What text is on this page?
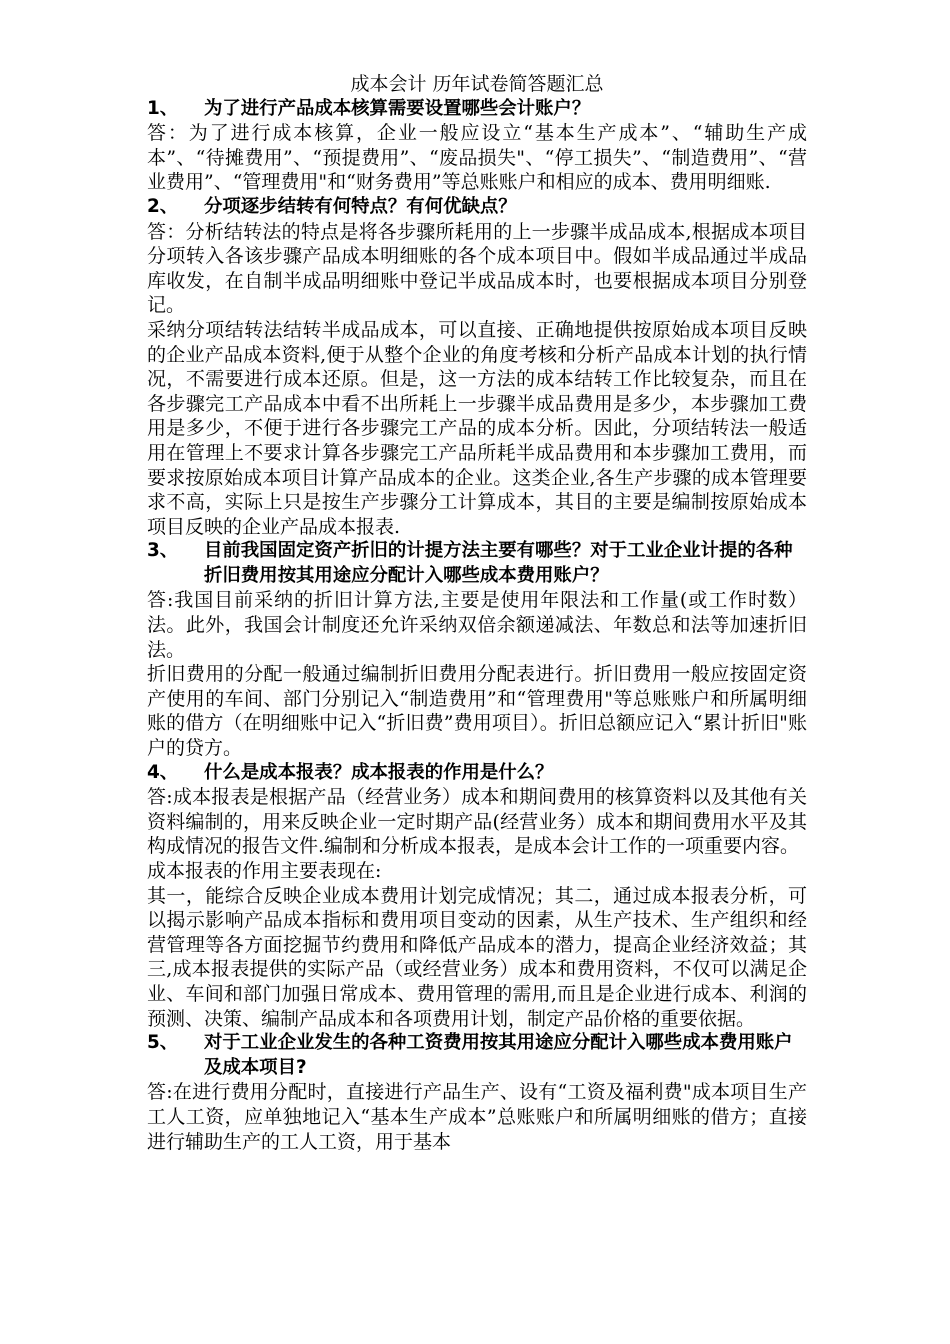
成本会计 历年试卷简答题汇总
1、	为了进行产品成本核算需要设置哪些会计账户？

答：为了进行成本核算，企业一般应设立“基本生产成本”、“辅助生产成本”、“待摊费用”、“预提费用”、“废品损失"、“停工损失”、“制造费用”、“营业费用”、“管理费用"和“财务费用”等总账账户和相应的成本、费用明细账.

2、	分项逐步结转有何特点？有何优缺点？

答：分析结转法的特点是将各步骤所耗用的上一步骤半成品成本,根据成本项目分项转入各该步骤产品成本明细账的各个成本项目中。假如半成品通过半成品库收发，在自制半成品明细账中登记半成品成本时，也要根据成本项目分别登记。

采纳分项结转法结转半成品成本，可以直接、正确地提供按原始成本项目反映的企业产品成本资料,便于从整个企业的角度考核和分析产品成本计划的执行情况，不需要进行成本还原。但是，这一方法的成本结转工作比较复杂，而且在各步骤完工产品成本中看不出所耗上一步骤半成品费用是多少，本步骤加工费用是多少，不便于进行各步骤完工产品的成本分析。因此，分项结转法一般适用在管理上不要求计算各步骤完工产品所耗半成品费用和本步骤加工费用，而要求按原始成本项目计算产品成本的企业。这类企业,各生产步骤的成本管理要求不高，实际上只是按生产步骤分工计算成本，其目的主要是编制按原始成本项目反映的企业产品成本报表.

3、	目前我国固定资产折旧的计提方法主要有哪些？对于工业企业计提的各种折旧费用按其用途应分配计入哪些成本费用账户？

答:我国目前采纳的折旧计算方法,主要是使用年限法和工作量(或工作时数）法。此外，我国会计制度还允许采纳双倍余额递减法、年数总和法等加速折旧法。

折旧费用的分配一般通过编制折旧费用分配表进行。折旧费用一般应按固定资产使用的车间、部门分别记入“制造费用”和“管理费用"等总账账户和所属明细账的借方（在明细账中记入“折旧费”费用项目）。折旧总额应记入“累计折旧"账户的贷方。

4、	什么是成本报表？成本报表的作用是什么？

答:成本报表是根据产品（经营业务）成本和期间费用的核算资料以及其他有关资料编制的，用来反映企业一定时期产品(经营业务）成本和期间费用水平及其构成情况的报告文件.编制和分析成本报表，是成本会计工作的一项重要内容。

成本报表的作用主要表现在:

其一，能综合反映企业成本费用计划完成情况；其二，通过成本报表分析，可以揭示影响产品成本指标和费用项目变动的因素，从生产技术、生产组织和经营管理等各方面挖掘节约费用和降低产品成本的潜力，提高企业经济效益；其三,成本报表提供的实际产品（或经营业务）成本和费用资料，不仅可以满足企业、车间和部门加强日常成本、费用管理的需用,而且是企业进行成本、利润的预测、决策、编制产品成本和各项费用计划，制定产品价格的重要依据。

5、	对于工业企业发生的各种工资费用按其用途应分配计入哪些成本费用账户及成本项目?

答:在进行费用分配时，直接进行产品生产、设有“工资及福利费"成本项目生产工人工资，应单独地记入“基本生产成本”总账账户和所属明细账的借方；直接进行辅助生产的工人工资，用于基本
